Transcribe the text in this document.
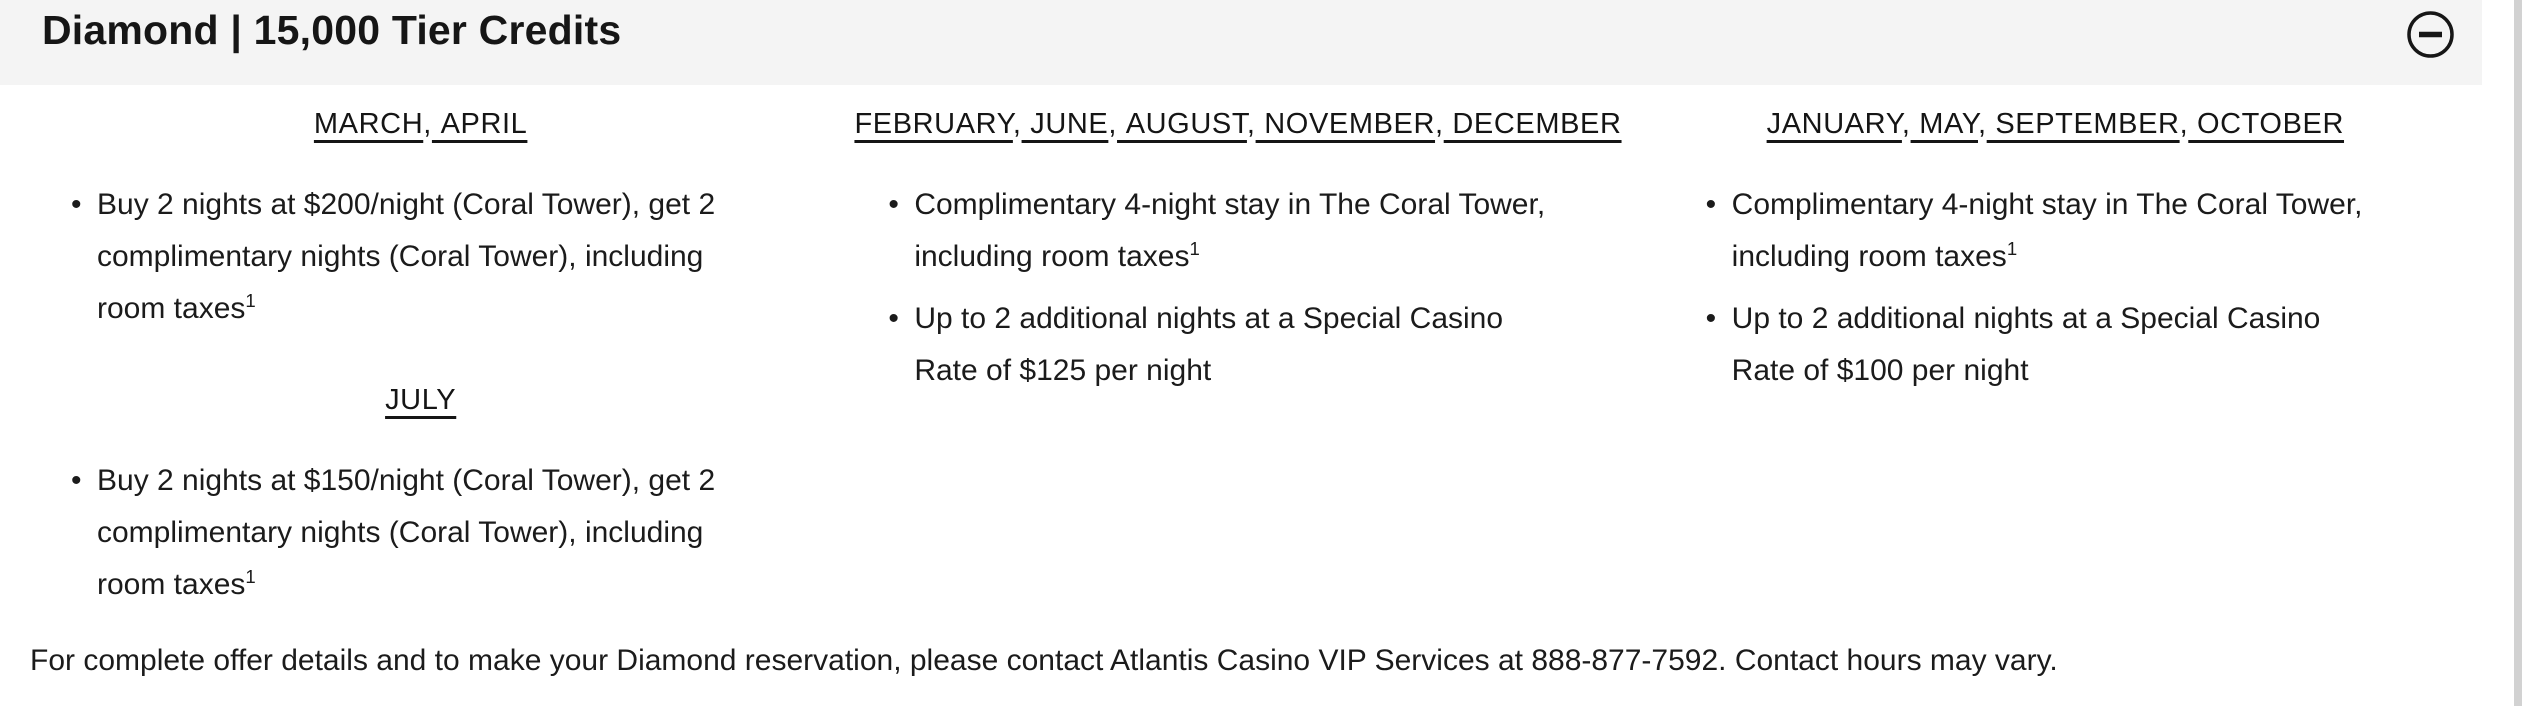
Diamond | 15,000 Tier Credits
MARCH, APRIL
• Buy 2 nights at $200/night (Coral Tower), get 2 complimentary nights (Coral Tower), including room taxes$^1$
JULY
• Buy 2 nights at $150/night (Coral Tower), get 2 complimentary nights (Coral Tower), including room taxes$^1$
FEBRUARY, JUNE, AUGUST, NOVEMBER, DECEMBER
• Complimentary 4-night stay in The Coral Tower, including room taxes$^1$
• Up to 2 additional nights at a Special Casino Rate of $125 per night
JANUARY, MAY, SEPTEMBER, OCTOBER
• Complimentary 4-night stay in The Coral Tower, including room taxes$^1$
• Up to 2 additional nights at a Special Casino Rate of $100 per night

For complete offer details and to make your Diamond reservation, please contact Atlantis Casino VIP Services at 888-877-7592. Contact hours may vary.
